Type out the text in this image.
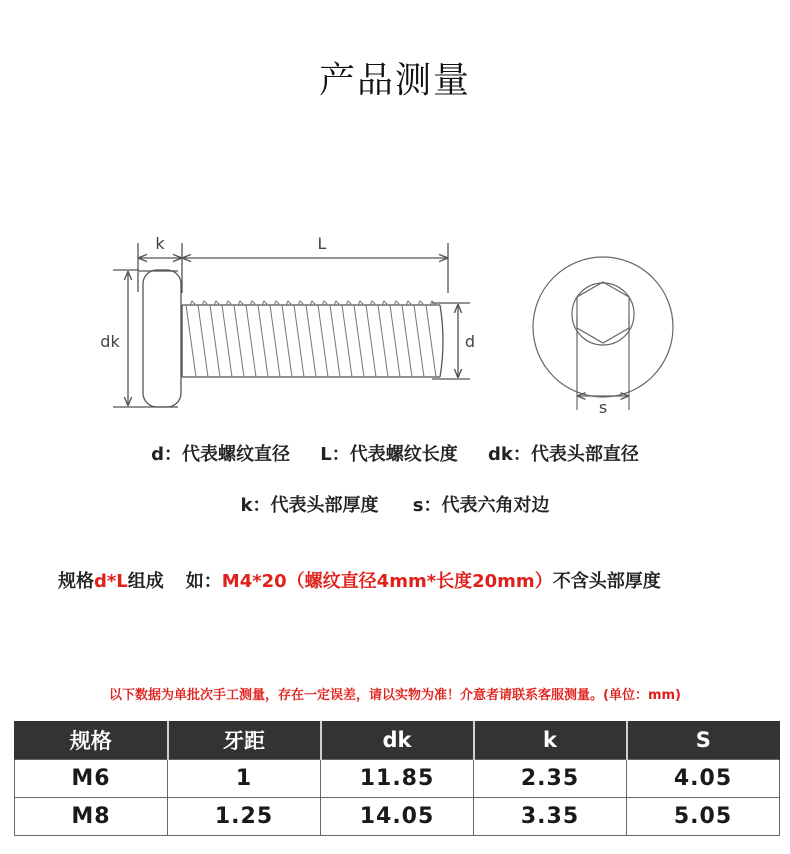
产品测量
k	L
dk	d
s
d：代表螺纹直径 L：代表螺纹长度 dk：代表头部直径
k：代表头部厚度 s：代表六角对边
规格d*L组成 如：M4*20（螺纹直径4mm*长度20mm）不含头部厚度
以下数据为单批次手工测量，存在一定误差，请以实物为准！介意者请联系客服测量。(单位：mm)
规格	牙距	dk	k	S
M6	1	11.85	2.35	4.05
M8	1.25	14.05	3.35	5.05
